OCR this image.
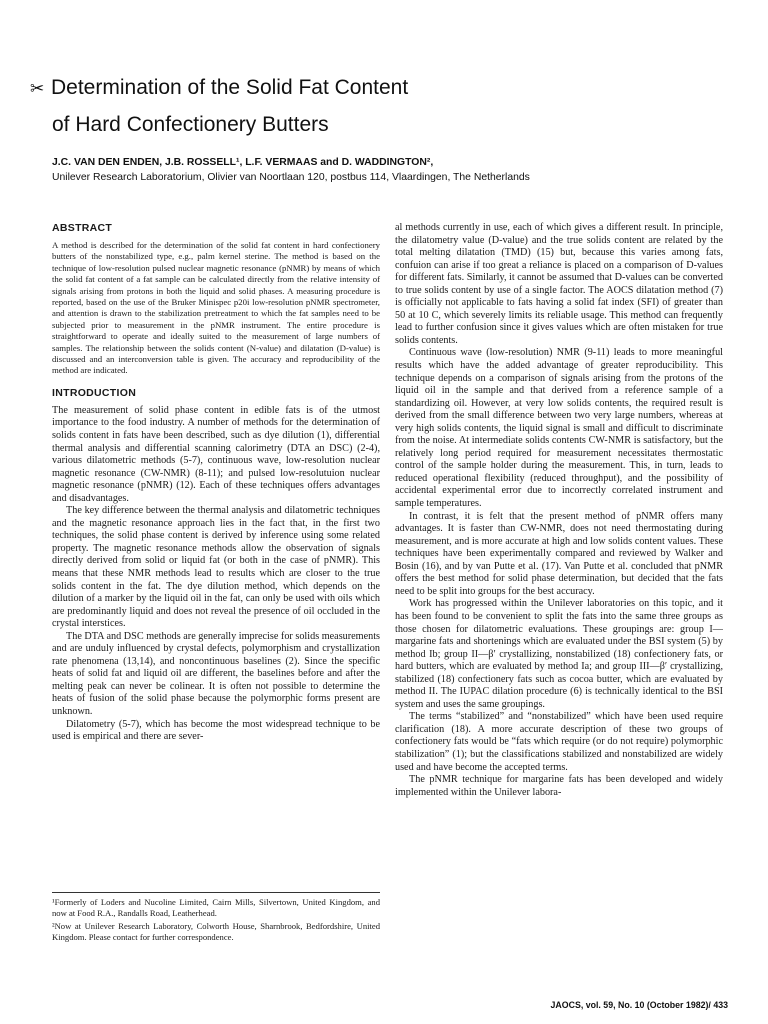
✂ Determination of the Solid Fat Content
of Hard Confectionery Butters
J.C. VAN DEN ENDEN, J.B. ROSSELL¹, L.F. VERMAAS and D. WADDINGTON²,
Unilever Research Laboratorium, Olivier van Noortlaan 120, postbus 114, Vlaardingen, The Netherlands
ABSTRACT

A method is described for the determination of the solid fat content in hard confectionery butters of the nonstabilized type, e.g., palm kernel sterine. The method is based on the technique of low-resolution pulsed nuclear magnetic resonance (pNMR) by means of which the solid fat content of a fat sample can be calculated directly from the relative intensity of signals arising from protons in both the liquid and solid phases. A measuring procedure is reported, based on the use of the Bruker Minispec p20i low-resolution pNMR spectrometer, and attention is drawn to the stabilization pretreatment to which the fat samples need to be subjected prior to measurement in the pNMR instrument. The entire procedure is straightforward to operate and ideally suited to the measurement of large numbers of samples. The relationship between the solids content (N-value) and dilatation (D-value) is discussed and an interconversion table is given. The accuracy and reproducibility of the method are indicated.

INTRODUCTION

The measurement of solid phase content in edible fats is of the utmost importance to the food industry. A number of methods for the determination of solids content in fats have been described, such as dye dilution (1), differential thermal analysis and differential scanning calorimetry (DTA an DSC) (2-4), various dilatometric methods (5-7), continuous wave, low-resolution nuclear magnetic resonance (CW-NMR) (8-11); and pulsed low-resolutuion nuclear magnetic resonance (pNMR) (12). Each of these techniques offers advantages and disadvantages.

The key difference between the thermal analysis and dilatometric techniques and the magnetic resonance approach lies in the fact that, in the first two techniques, the solid phase content is derived by inference using some related property. The magnetic resonance methods allow the observation of signals directly derived from solid or liquid fat (or both in the case of pNMR). This means that these NMR methods lead to results which are closer to the true solids content in the fat. The dye dilution method, which depends on the dilution of a marker by the liquid oil in the fat, can only be used with oils which are predominantly liquid and does not reveal the presence of oil occluded in the crystal interstices.

The DTA and DSC methods are generally imprecise for solids measurements and are unduly influenced by crystal defects, polymorphism and crystallization rate phenomena (13,14), and noncontinuous baselines (2). Since the specific heats of solid fat and liquid oil are different, the baselines before and after the melting peak can never be colinear. It is often not possible to determine the heats of fusion of the solid phase because the polymorphic forms present are unknown.

Dilatometry (5-7), which has become the most widespread technique to be used is empirical and there are sever-

¹Formerly of Loders and Nucoline Limited, Cairn Mills, Silvertown, United Kingdom, and now at Food R.A., Randalls Road, Leatherhead.

²Now at Unilever Research Laboratory, Colworth House, Sharnbrook, Bedfordshire, United Kingdom. Please contact for further correspondence.

al methods currently in use, each of which gives a different result. In principle, the dilatometry value (D-value) and the true solids content are related by the total melting dilatation (TMD) (15) but, because this varies among fats, confuion can arise if too great a reliance is placed on a comparison of D-values for different fats. Similarly, it cannot be assumed that D-values can be converted to true solids content by use of a single factor. The AOCS dilatation method (7) is officially not applicable to fats having a solid fat index (SFI) of greater than 50 at 10 C, which severely limits its reliable usage. This method can frequently lead to further confusion since it gives values which are often mistaken for true solids contents.

Continuous wave (low-resolution) NMR (9-11) leads to more meaningful results which have the added advantage of greater reproducibility. This technique depends on a comparison of signals arising from the protons of the liquid oil in the sample and that derived from a reference sample of a standardizing oil. However, at very low solids contents, the required result is derived from the small difference between two very large numbers, whereas at very high solids contents, the liquid signal is small and difficult to discriminate from the noise. At intermediate solids contents CW-NMR is satisfactory, but the relatively long period required for measurement necessitates thermostatic control of the sample holder during the measurement. This, in turn, leads to reduced operational flexibility (reduced throughput), and the possibility of accidental experimental error due to incorrectly correlated instrument and sample temperatures.

In contrast, it is felt that the present method of pNMR offers many advantages. It is faster than CW-NMR, does not need thermostating during measurement, and is more accurate at high and low solids content values. These techniques have been experimentally compared and reviewed by Walker and Bosin (16), and by van Putte et al. (17). Van Putte et al. concluded that pNMR offers the best method for solid phase determination, but decided that the fats need to be split into groups for the best accuracy.

Work has progressed within the Unilever laboratories on this topic, and it has been found to be convenient to split the fats into the same three groups as those chosen for dilatometric evaluations. These groupings are: group I—margarine fats and shortenings which are evaluated under the BSI system (5) by method Ib; group II—β′ crystallizing, nonstabilized (18) confectionery fats, or hard butters, which are evaluated by method Ia; and group III—β′ crystallizing, stabilized (18) confectionery fats such as cocoa butter, which are evaluated by method II. The IUPAC dilation procedure (6) is technically identical to the BSI system and uses the same groupings.

The terms “stabilized” and “nonstabilized” which have been used require clarification (18). A more accurate description of these two groups of confectionery fats would be “fats which require (or do not require) polymorphic stabilization” (1); but the classifications stabilized and nonstabilized are widely used and have become the accepted terms.

The pNMR technique for margarine fats has been developed and widely implemented within the Unilever labora-

JAOCS, vol. 59, No. 10 (October 1982)/ 433
